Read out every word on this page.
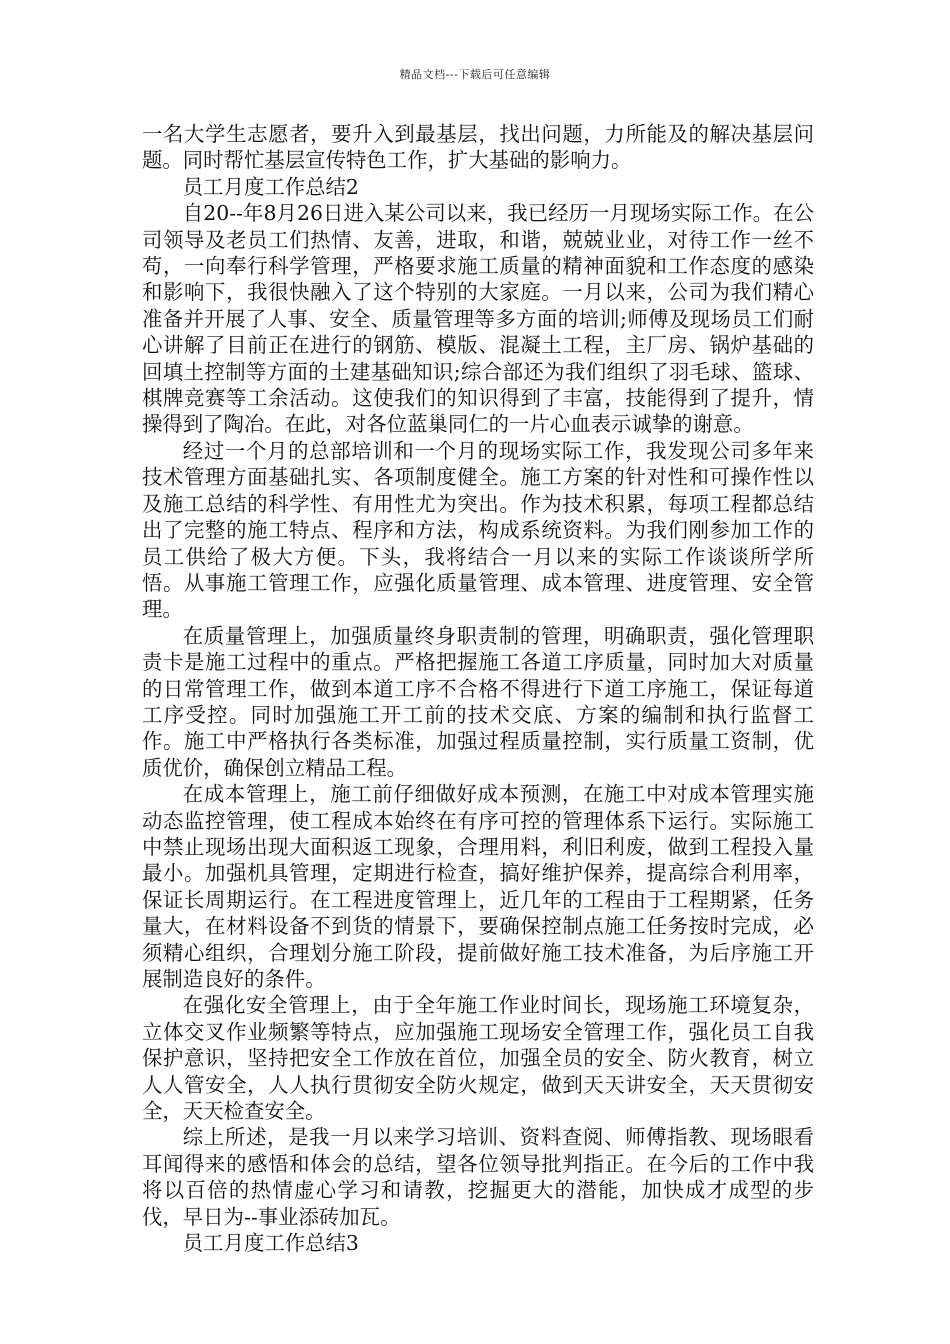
精品文档---下载后可任意编辑

一名大学生志愿者，要升入到最基层，找出问题，力所能及的解决基层问题。同时帮忙基层宣传特色工作，扩大基础的影响力。

员工月度工作总结2

自20--年8月26日进入某公司以来，我已经历一月现场实际工作。在公司领导及老员工们热情、友善，进取，和谐，兢兢业业，对待工作一丝不苟，一向奉行科学管理，严格要求施工质量的精神面貌和工作态度的感染和影响下，我很快融入了这个特别的大家庭。一月以来，公司为我们精心准备并开展了人事、安全、质量管理等多方面的培训;师傅及现场员工们耐心讲解了目前正在进行的钢筋、模版、混凝土工程，主厂房、锅炉基础的回填土控制等方面的土建基础知识;综合部还为我们组织了羽毛球、篮球、棋牌竞赛等工余活动。这使我们的知识得到了丰富，技能得到了提升，情操得到了陶冶。在此，对各位蓝巢同仁的一片心血表示诚挚的谢意。

经过一个月的总部培训和一个月的现场实际工作，我发现公司多年来技术管理方面基础扎实、各项制度健全。施工方案的针对性和可操作性以及施工总结的科学性、有用性尤为突出。作为技术积累，每项工程都总结出了完整的施工特点、程序和方法，构成系统资料。为我们刚参加工作的员工供给了极大方便。下头，我将结合一月以来的实际工作谈谈所学所悟。从事施工管理工作，应强化质量管理、成本管理、进度管理、安全管理。

在质量管理上，加强质量终身职责制的管理，明确职责，强化管理职责卡是施工过程中的重点。严格把握施工各道工序质量，同时加大对质量的日常管理工作，做到本道工序不合格不得进行下道工序施工，保证每道工序受控。同时加强施工开工前的技术交底、方案的编制和执行监督工作。施工中严格执行各类标准，加强过程质量控制，实行质量工资制，优质优价，确保创立精品工程。

在成本管理上，施工前仔细做好成本预测，在施工中对成本管理实施动态监控管理，使工程成本始终在有序可控的管理体系下运行。实际施工中禁止现场出现大面积返工现象，合理用料，利旧利废，做到工程投入量最小。加强机具管理，定期进行检查，搞好维护保养，提高综合利用率，保证长周期运行。在工程进度管理上，近几年的工程由于工程期紧，任务量大，在材料设备不到货的情景下，要确保控制点施工任务按时完成，必须精心组织，合理划分施工阶段，提前做好施工技术准备，为后序施工开展制造良好的条件。

在强化安全管理上，由于全年施工作业时间长，现场施工环境复杂，立体交叉作业频繁等特点，应加强施工现场安全管理工作，强化员工自我保护意识，坚持把安全工作放在首位，加强全员的安全、防火教育，树立人人管安全，人人执行贯彻安全防火规定，做到天天讲安全，天天贯彻安全，天天检查安全。

综上所述，是我一月以来学习培训、资料查阅、师傅指教、现场眼看耳闻得来的感悟和体会的总结，望各位领导批判指正。在今后的工作中我将以百倍的热情虚心学习和请教，挖掘更大的潜能，加快成才成型的步伐，早日为--事业添砖加瓦。

员工月度工作总结3
